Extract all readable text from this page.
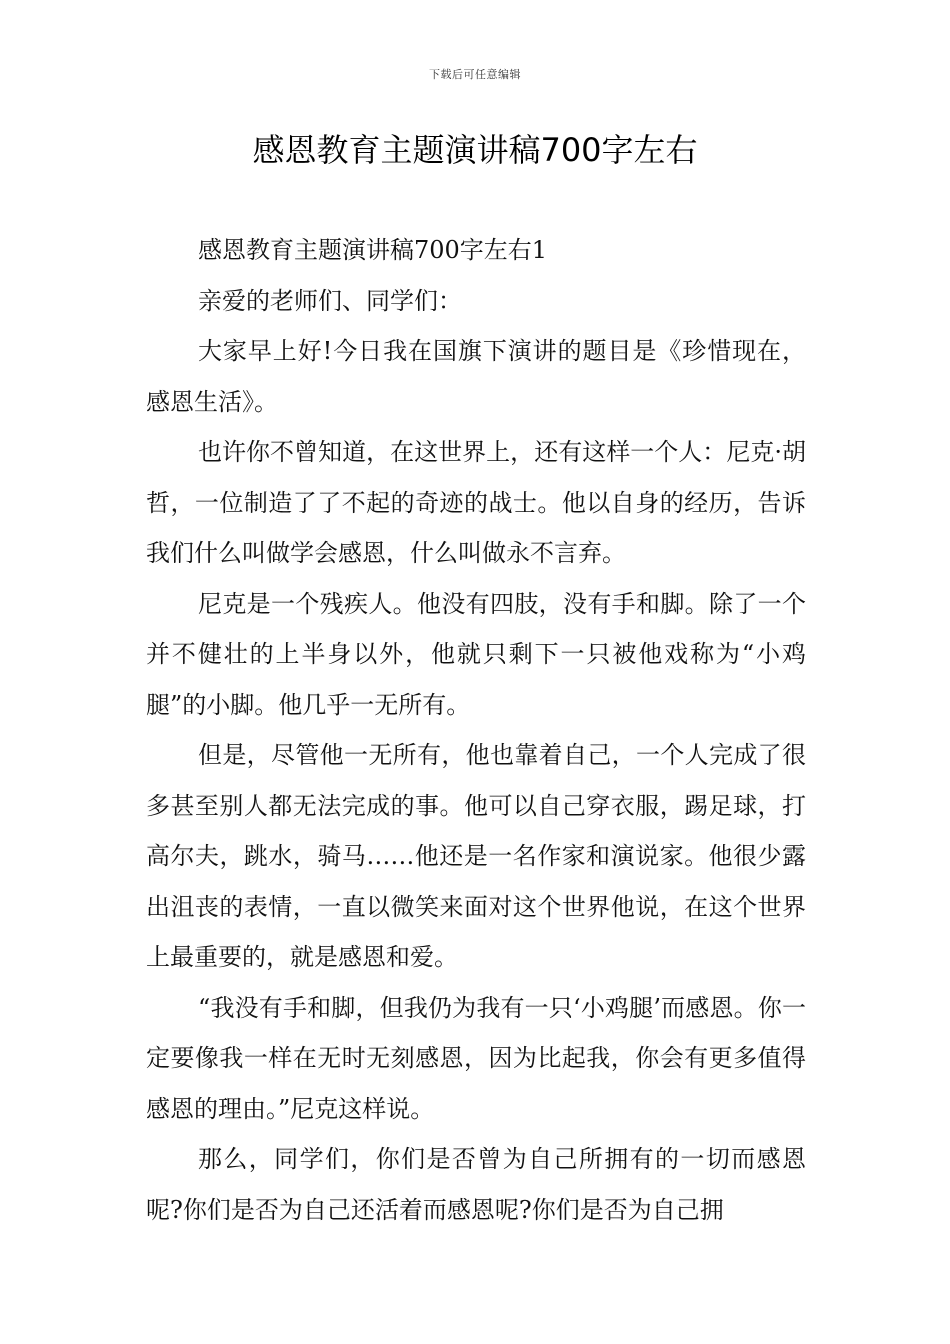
下载后可任意编辑
感恩教育主题演讲稿700字左右

感恩教育主题演讲稿700字左右1

亲爱的老师们、同学们：

大家早上好!今日我在国旗下演讲的题目是《珍惜现在，感恩生活》。

也许你不曾知道，在这世界上，还有这样一个人：尼克·胡哲，一位制造了了不起的奇迹的战士。他以自身的经历，告诉我们什么叫做学会感恩，什么叫做永不言弃。

尼克是一个残疾人。他没有四肢，没有手和脚。除了一个并不健壮的上半身以外，他就只剩下一只被他戏称为“小鸡腿”的小脚。他几乎一无所有。

但是，尽管他一无所有，他也靠着自己，一个人完成了很多甚至别人都无法完成的事。他可以自己穿衣服，踢足球，打高尔夫，跳水，骑马……他还是一名作家和演说家。他很少露出沮丧的表情，一直以微笑来面对这个世界他说，在这个世界上最重要的，就是感恩和爱。

“我没有手和脚，但我仍为我有一只‘小鸡腿’而感恩。你一定要像我一样在无时无刻感恩，因为比起我，你会有更多值得感恩的理由。”尼克这样说。

那么，同学们，你们是否曾为自己所拥有的一切而感恩呢?你们是否为自己还活着而感恩呢?你们是否为自己拥
